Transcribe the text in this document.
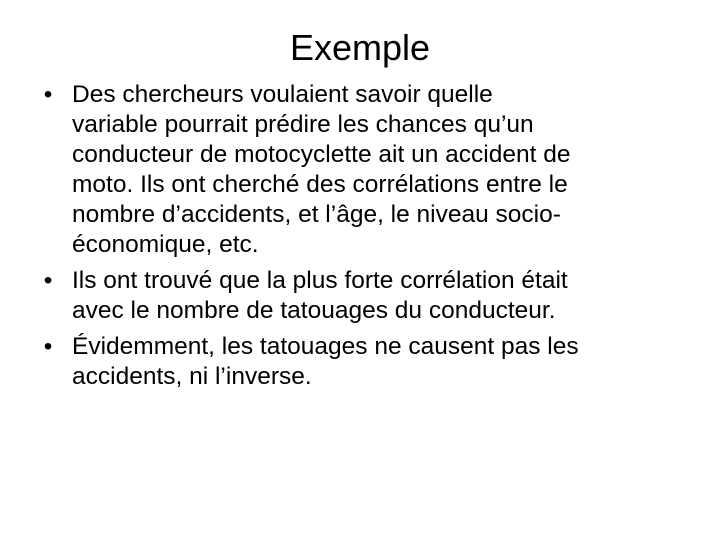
Exemple
• Des chercheurs voulaient savoir quelle
variable pourrait prédire les chances qu’un
conducteur de motocyclette ait un accident de
moto. Ils ont cherché des corrélations entre le
nombre d’accidents, et l’âge, le niveau socio-
économique, etc.
• Ils ont trouvé que la plus forte corrélation était
avec le nombre de tatouages du conducteur.
• Évidemment, les tatouages ne causent pas les
accidents, ni l’inverse.
